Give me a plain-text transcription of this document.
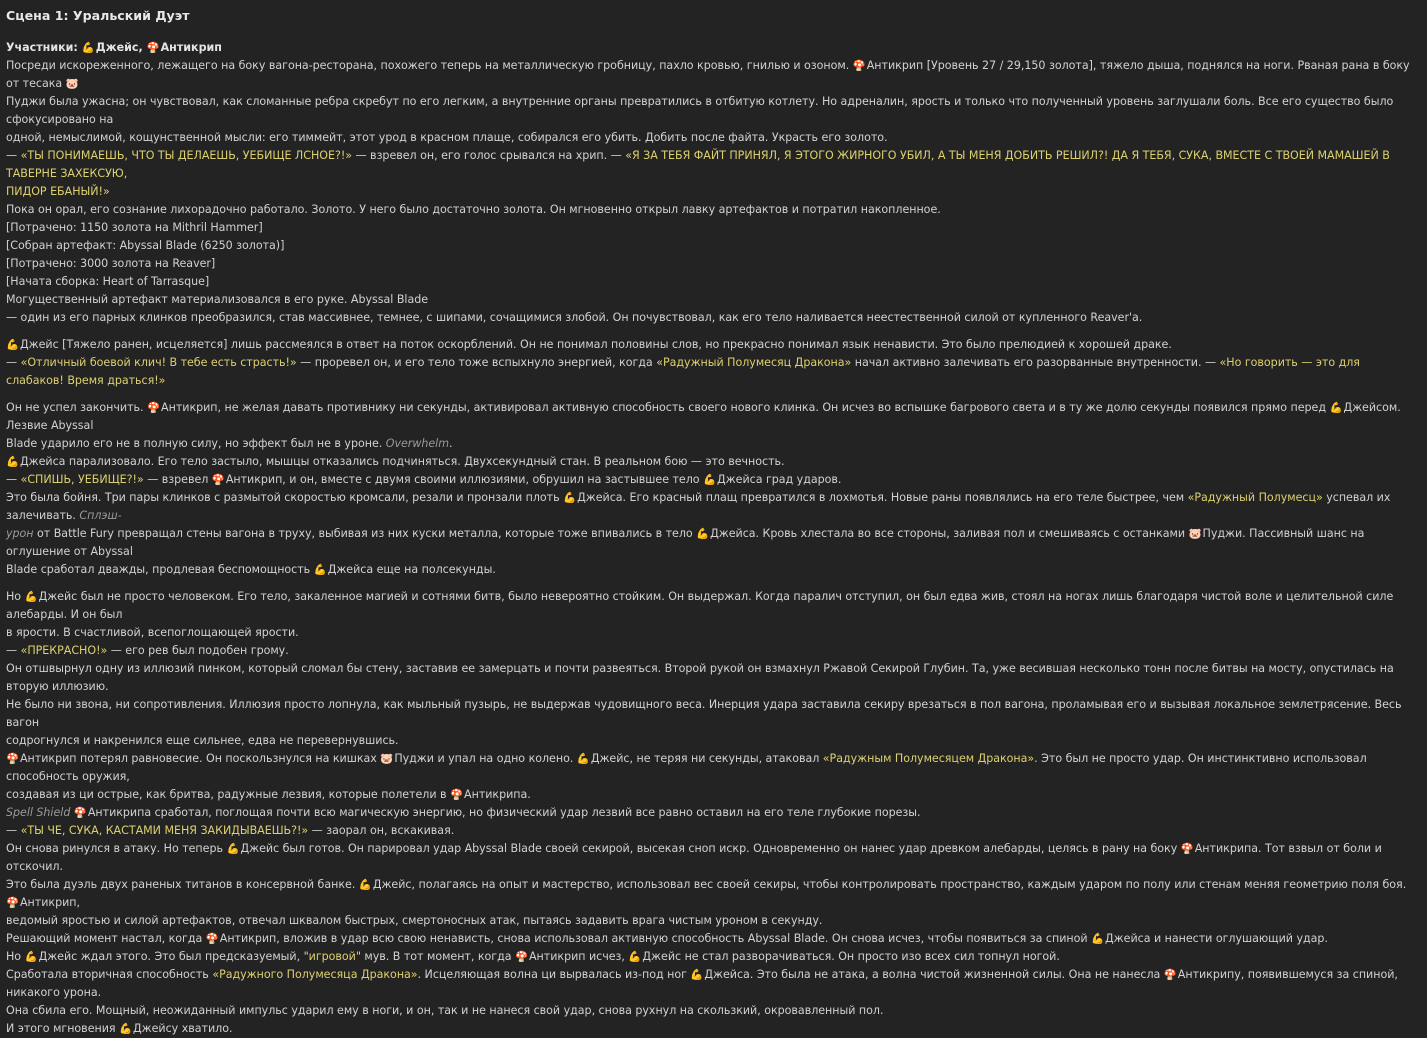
Сцена 1: Уральский Дуэт
Участники: 💪Джейс, 🍄Антикрип

Посреди искореженного, лежащего на боку вагона-ресторана, похожего теперь на металлическую гробницу, пахло кровью, гнилью и озоном. 🍄Антикрип [Уровень 27 / 29,150 золота], тяжело дыша, поднялся на ноги. Рваная рана в боку от тесака 🐷

Пуджи была ужасна; он чувствовал, как сломанные ребра скребут по его легким, а внутренние органы превратились в отбитую котлету. Но адреналин, ярость и только что полученный уровень заглушали боль. Все его существо было сфокусировано на

одной, немыслимой, кощунственной мысли: его тиммейт, этот урод в красном плаще, собирался его убить. Добить после файта. Украсть его золото.

— «ТЫ ПОНИМАЕШЬ, ЧТО ТЫ ДЕЛАЕШЬ, УЕБИЩЕ ЛСНОЕ?!» — взревел он, его голос срывался на хрип. — «Я ЗА ТЕБЯ ФАЙТ ПРИНЯЛ, Я ЭТОГО ЖИРНОГО УБИЛ, А ТЫ МЕНЯ ДОБИТЬ РЕШИЛ?! ДА Я ТЕБЯ, СУКА, ВМЕСТЕ С ТВОЕЙ МАМАШЕЙ В ТАВЕРНЕ ЗАХЕКСУЮ,

ПИДОР ЕБАНЫЙ!»

Пока он орал, его сознание лихорадочно работало. Золото. У него было достаточно золота. Он мгновенно открыл лавку артефактов и потратил накопленное.

[Потрачено: 1150 золота на Mithril Hammer]

[Собран артефакт: Abyssal Blade (6250 золота)]

[Потрачено: 3000 золота на Reaver]

[Начата сборка: Heart of Tarrasque]

Могущественный артефакт материализовался в его руке. Abyssal Blade

— один из его парных клинков преобразился, став массивнее, темнее, с шипами, сочащимися злобой. Он почувствовал, как его тело наливается неестественной силой от купленного Reaver'а.

💪Джейс [Тяжело ранен, исцеляется] лишь рассмеялся в ответ на поток оскорблений. Он не понимал половины слов, но прекрасно понимал язык ненависти. Это было прелюдией к хорошей драке.

— «Отличный боевой клич! В тебе есть страсть!» — проревел он, и его тело тоже вспыхнуло энергией, когда «Радужный Полумесяц Дракона» начал активно залечивать его разорванные внутренности. — «Но говорить — это для слабаков! Время драться!»

Он не успел закончить. 🍄Антикрип, не желая давать противнику ни секунды, активировал активную способность своего нового клинка. Он исчез во вспышке багрового света и в ту же долю секунды появился прямо перед 💪Джейсом. Лезвие Abyssal

Blade ударило его не в полную силу, но эффект был не в уроне. Overwhelm.

💪Джейса парализовало. Его тело застыло, мышцы отказались подчиняться. Двухсекундный стан. В реальном бою — это вечность.

— «СПИШЬ, УЕБИЩЕ?!» — взревел 🍄Антикрип, и он, вместе с двумя своими иллюзиями, обрушил на застывшее тело 💪Джейса град ударов.

Это была бойня. Три пары клинков с размытой скоростью кромсали, резали и пронзали плоть 💪Джейса. Его красный плащ превратился в лохмотья. Новые раны появлялись на его теле быстрее, чем «Радужный Полумесц» успевал их залечивать. Сплэш-

урон от Battle Fury превращал стены вагона в труху, выбивая из них куски металла, которые тоже впивались в тело 💪Джейса. Кровь хлестала во все стороны, заливая пол и смешиваясь с останками 🐷Пуджи. Пассивный шанс на оглушение от Abyssal

Blade сработал дважды, продлевая беспомощность 💪Джейса еще на полсекунды.

Но 💪Джейс был не просто человеком. Его тело, закаленное магией и сотнями битв, было невероятно стойким. Он выдержал. Когда паралич отступил, он был едва жив, стоял на ногах лишь благодаря чистой воле и целительной силе алебарды. И он был

в ярости. В счастливой, всепоглощающей ярости.

— «ПРЕКРАСНО!» — его рев был подобен грому.

Он отшвырнул одну из иллюзий пинком, который сломал бы стену, заставив ее замерцать и почти развеяться. Второй рукой он взмахнул Ржавой Секирой Глубин. Та, уже весившая несколько тонн после битвы на мосту, опустилась на вторую иллюзию.

Не было ни звона, ни сопротивления. Иллюзия просто лопнула, как мыльный пузырь, не выдержав чудовищного веса. Инерция удара заставила секиру врезаться в пол вагона, проламывая его и вызывая локальное землетрясение. Весь вагон

содрогнулся и накренился еще сильнее, едва не перевернувшись.

🍄Антикрип потерял равновесие. Он поскользнулся на кишках 🐷Пуджи и упал на одно колено. 💪Джейс, не теряя ни секунды, атаковал «Радужным Полумесяцем Дракона». Это был не просто удар. Он инстинктивно использовал способность оружия,

создавая из ци острые, как бритва, радужные лезвия, которые полетели в 🍄Антикрипа.

Spell Shield 🍄Антикрипа сработал, поглощая почти всю магическую энергию, но физический удар лезвий все равно оставил на его теле глубокие порезы.

— «ТЫ ЧЕ, СУКА, КАСТАМИ МЕНЯ ЗАКИДЫВАЕШЬ?!» — заорал он, вскакивая.

Он снова ринулся в атаку. Но теперь 💪Джейс был готов. Он парировал удар Abyssal Blade своей секирой, высекая сноп искр. Одновременно он нанес удар древком алебарды, целясь в рану на боку 🍄Антикрипа. Тот взвыл от боли и отскочил.

Это была дуэль двух раненых титанов в консервной банке. 💪Джейс, полагаясь на опыт и мастерство, использовал вес своей секиры, чтобы контролировать пространство, каждым ударом по полу или стенам меняя геометрию поля боя. 🍄Антикрип,

ведомый яростью и силой артефактов, отвечал шквалом быстрых, смертоносных атак, пытаясь задавить врага чистым уроном в секунду.

Решающий момент настал, когда 🍄Антикрип, вложив в удар всю свою ненависть, снова использовал активную способность Abyssal Blade. Он снова исчез, чтобы появиться за спиной 💪Джейса и нанести оглушающий удар.

Но 💪Джейс ждал этого. Это был предсказуемый, "игровой" мув. В тот момент, когда 🍄Антикрип исчез, 💪Джейс не стал разворачиваться. Он просто изо всех сил топнул ногой.

Сработала вторичная способность «Радужного Полумесяца Дракона». Исцеляющая волна ци вырвалась из-под ног 💪Джейса. Это была не атака, а волна чистой жизненной силы. Она не нанесла 🍄Антикрипу, появившемуся за спиной, никакого урона.

Она сбила его. Мощный, неожиданный импульс ударил ему в ноги, и он, так и не нанеся свой удар, снова рухнул на скользкий, окровавленный пол.

И этого мгновения 💪Джейсу хватило.
